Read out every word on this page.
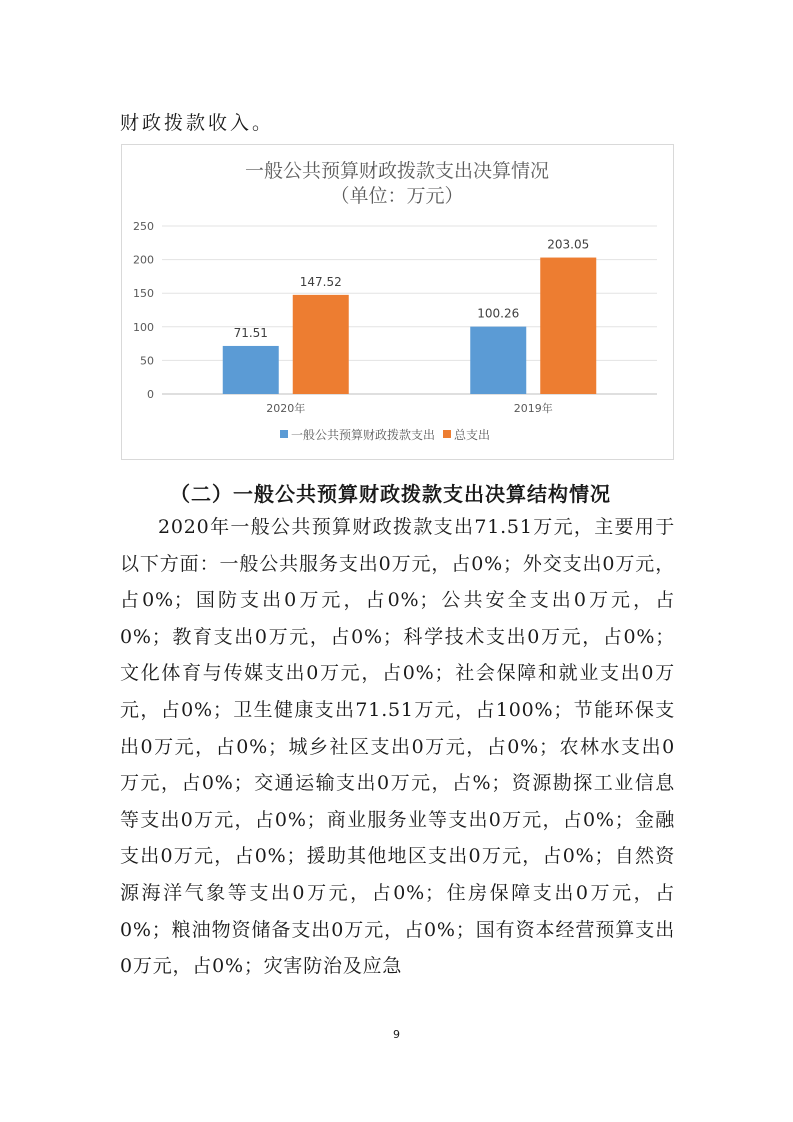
财政拨款收入。

一般公共预算财政拨款支出决算情况
（单位：万元）
0
50
100
150
200
250
71.51
147.52
2020年
100.26
203.05
2019年
一般公共预算财政拨款支出 总支出

（二）一般公共预算财政拨款支出决算结构情况

2020年一般公共预算财政拨款支出71.51万元，主要用于以下方面：一般公共服务支出0万元，占0%；外交支出0万元，占0%；国防支出0万元，占0%；公共安全支出0万元，占0%；教育支出0万元，占0%；科学技术支出0万元，占0%；文化体育与传媒支出0万元，占0%；社会保障和就业支出0万元，占0%；卫生健康支出71.51万元，占100%；节能环保支出0万元，占0%；城乡社区支出0万元，占0%；农林水支出0万元，占0%；交通运输支出0万元，占%；资源勘探工业信息等支出0万元，占0%；商业服务业等支出0万元，占0%；金融支出0万元，占0%；援助其他地区支出0万元，占0%；自然资源海洋气象等支出0万元，占0%；住房保障支出0万元，占0%；粮油物资储备支出0万元，占0%；国有资本经营预算支出0万元，占0%；灾害防治及应急

9
